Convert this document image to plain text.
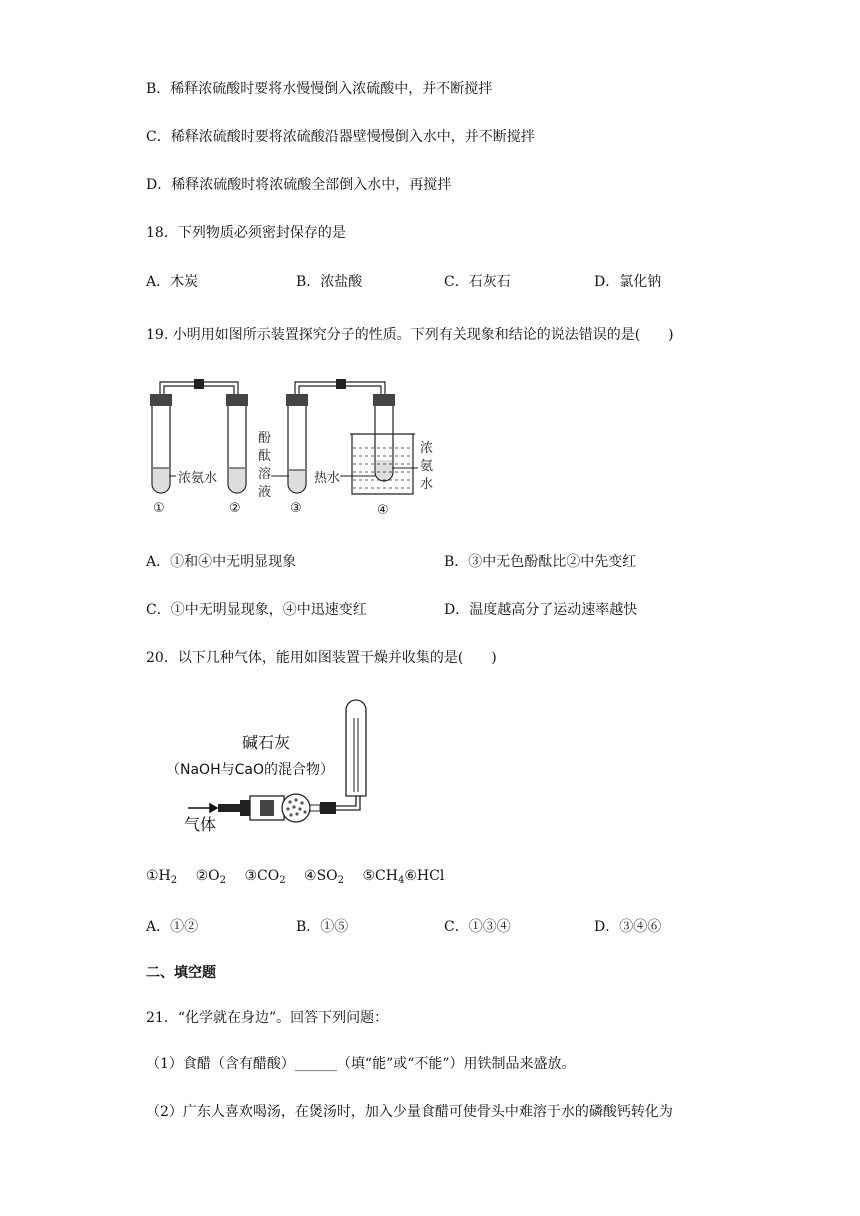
B．稀释浓硫酸时要将水慢慢倒入浓硫酸中，并不断搅拌
C．稀释浓硫酸时要将浓硫酸沿器壁慢慢倒入水中，并不断搅拌
D．稀释浓硫酸时将浓硫酸全部倒入水中，再搅拌
18．下列物质必须密封保存的是
A．木炭	B．浓盐酸	C．石灰石	D．氯化钠
19. 小明用如图所示装置探究分子的性质。下列有关现象和结论的说法错误的是(　　)
浓氨水
酚
酞
溶
液
热水
浓
氨
水
①	②	③	④
A．①和④中无明显现象	B．③中无色酚酞比②中先变红
C．①中无明显现象，④中迅速变红	D．温度越高分了运动速率越快
20．以下几种气体，能用如图装置干燥并收集的是(　　)
碱石灰
（NaOH与CaO的混合物）
气体
$①H_2$ $②O_2$ $③CO_2$ $④SO_2$ $⑤CH_4⑥HCl$
A．①②	B．①⑤	C．①③④	D．③④⑥
二、填空题
21．“化学就在身边”。回答下列问题：
（1）食醋（含有醋酸）______（填“能”或“不能”）用铁制品来盛放。
（2）广东人喜欢喝汤，在煲汤时，加入少量食醋可使骨头中难溶于水的磷酸钙转化为
